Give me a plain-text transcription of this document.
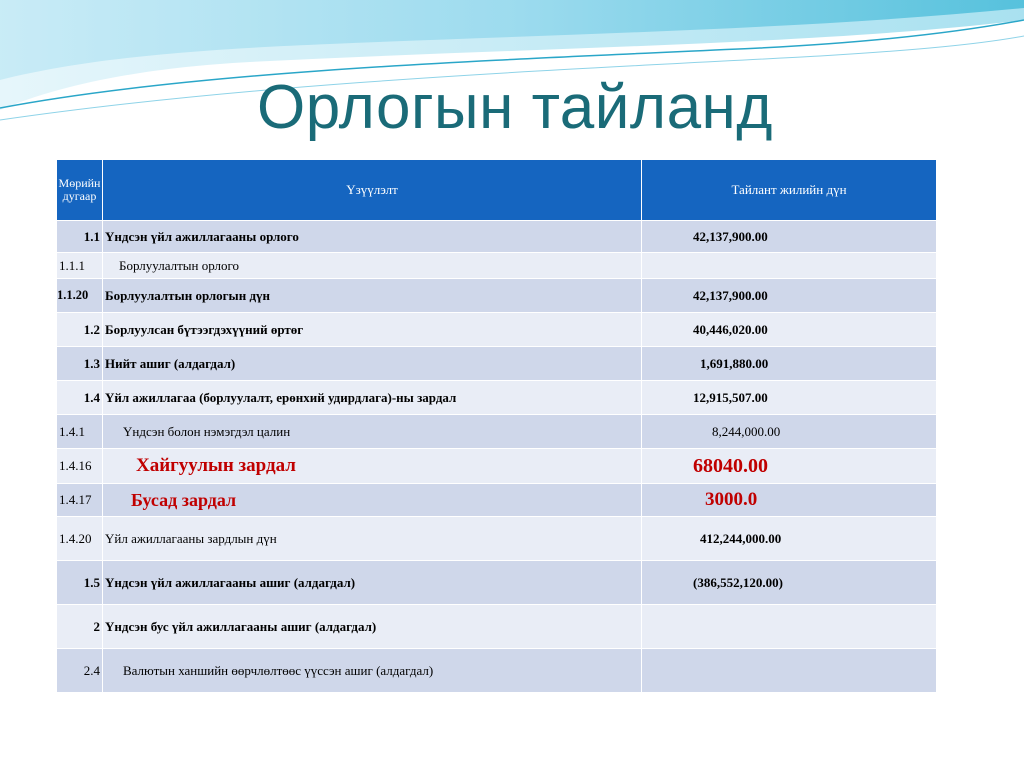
Орлогын тайланд
Мөрийн дугаар	Үзүүлэлт	Тайлант жилийн дүн
1.1	Үндсэн үйл ажиллагааны орлого	42,137,900.00
1.1.1	Борлуулалтын орлого	
1.1.20	Борлуулалтын орлогын дүн	42,137,900.00
1.2	Борлуулсан бүтээгдэхүүний өртөг	40,446,020.00
1.3	Нийт ашиг (алдагдал)	1,691,880.00
1.4	Үйл ажиллагаа (борлуулалт, ерөнхий удирдлага)-ны зардал	12,915,507.00
1.4.1	Үндсэн болон нэмэгдэл цалин	8,244,000.00
1.4.16	Хайгуулын зардал	68040.00
1.4.17	Бусад зардал	3000.0
1.4.20	Үйл ажиллагааны зардлын дүн	412,244,000.00
1.5	Үндсэн үйл ажиллагааны ашиг (алдагдал)	(386,552,120.00)
2	Үндсэн бус үйл ажиллагааны ашиг (алдагдал)	
2.4	Валютын ханшийн өөрчлөлтөөс үүссэн ашиг (алдагдал)	
